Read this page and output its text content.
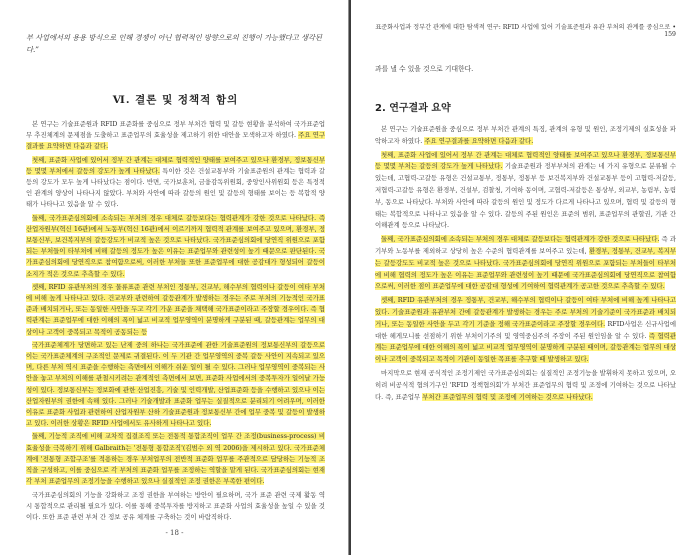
부 사업에서의 용용 방식으로 인해 경쟁이 아닌 협력적인 방향으로의 진행이 가능했다고 생각된다.”

Ⅵ. 결론 및 정책적 함의

본 연구는 기술표준원과 RFID 표준화를 중심으로 정부 부처간 협력 및 갈등 현황을 분석하여 국가표준업무 추진체계의 문제점을 도출하고 표준업무의 효율성을 제고하기 위한 대안을 모색하고자 하였다. 주요 연구결과를 요약하면 다음과 같다.

첫째, 표준화 사업에 있어서 정부 간 관계는 대체로 협력적인 양태를 보여주고 있으나 환경부, 정보통신부 등 몇몇 부처에서 갈등의 강도가 높게 나타났다. 특이한 것은 건설교통부와 기술표준원의 관계는 협력과 갈등의 강도가 모두 높게 나타났다는 점이다. 반면, 국가보훈처, 금융감독위원회, 중앙인사위원회 등은 특정적인 관계의 양상이 나타나지 않았다. 부처와 사안에 따라 갈등의 원인 및 갈등의 형태를 보이는 등 복합적 양태가 나타나고 있음을 알 수 있다.

둘째, 국가표준심의회에 소속되는 부처의 경우 대체로 갈등보다는 협력관계가 강한 것으로 나타났다. 즉 산업자원부(혁신 16관)에서 노동부(혁신 16관)에서 이르기까지 협력적 관계를 보여주고 있으며, 환경부, 정보통신부, 보건복지부의 갈등강도가 비교적 높은 것으로 나타났다. 국가표준심의회에 당연직 위원으로 포함되는 부처들이 타부처에 비해 갈등의 정도가 높은 이유는 표준업무와 관련성이 높기 때문으로 판단된다. 국가표준심의회에 당연직으로 참여함으로써, 이러한 부처들 또한 표준업무에 대한 공감대가 형성되어 갈등이 소지가 적은 것으로 추측할 수 있다.

셋째, RFID 유관부처의 경우 물류표준 관련 부처인 정통부, 건교부, 해수부의 협력이나 갈등이 여타 부처에 비해 높게 나타나고 있다. 건교부와 관련하여 갈등관계가 발생하는 경우는 주로 부처의 기능적인 국가표준과 배치되거나, 또는 동일한 사안을 두고 각기 가운 표준을 채택해 국가표준이라고 주장할 경우이다. 즉 협력관계는 표준업무에 대한 이해의 폭이 넓고 비교적 업무영역이 분명하게 구분된 때, 갈등관계는 업무의 대상이나 고객이 중복되고 목적이 공동되는 등

국가표준체계가 당면하고 있는 난제 중의 하나는 국가표준에 관한 기술표준원의 정보통신부의 갈등으로 이는 국가표준체계의 구조적인 문제로 귀결된다. 이 두 기관 간 업무영역의 중복 갈등 사안이 지속되고 있으며, 다른 부처 역시 표준을 수행하는 측면에서 이해가 쉬운 일이 될 수 있다. 그러나 업무영역이 중복되는 사안을 놓고 부처의 이해를 관철시키려는 관계적인 측면에서 보면, 표준화 사업에서의 중복투자가 일어날 가능성이 있다. 정보통신부는 정보화에 관한 산업진흥, 기술 및 인력개발, 산업표준화 등을 수행하고 있으나 이는 산업자원부의 권한에 속해 있다. 그러나 기술개발과 표준화 업무는 실질적으로 분리되기 어려우며, 이러한 이유로 표준화 사업과 관련하여 산업자원부 산하 기술표준원과 정보통신부 간에 업무 중복 및 갈등이 발생하고 있다. 이러한 상황은 RFID 사업에서도 유사하게 나타나고 있다.

둘째, 기능적 조직에 비해 교차적 집결조직 또는 전통적 통합조직이 업무 간 조정(business-process) 비효율성을 극복하기 위해 Galbraith는 '전통형 통합조직'(김범수 외 역 2006)을 제시하고 있다. 국가표준체계에 '전통형 조합구조'를 적용하는 경우 부처업무의 전반적 표준화 업무를 주관적으로 담당하는 기능적 조직을 구성하고, 이를 중심으로 각 부처의 표준화 업무를 조정하는 역할을 맡게 된다. 국가표준심의회는 현재 각 부처 표준업무의 조정기능을 수행하고 있으나 실질적인 조정 권한은 부족한 편이다.

국가표준심의회의 기능을 강화하고 조정 권한을 부여하는 방안이 필요하며, 국가 표준 관련 국제 활동 역시 통합적으로 관리될 필요가 있다. 이를 통해 중복투자를 방지하고 표준화 사업의 효율성을 높일 수 있을 것이다. 또한 표준 관련 부처 간 정보 공유 체계를 구축하는 것이 바람직하다.

- 18 -
표준화사업과 정부간 관계에 대한 탐색적 연구: RFID 사업에 있어 기술표준원과 유관 부처의 관계를 중심으로 • 159

과를 낼 수 있을 것으로 기대한다.

2. 연구결과 요약

본 연구는 기술표준원을 중심으로 정부 부처간 관계의 특징, 관계의 유형 및 원인, 조정기제의 실효성을 파악하고자 하였다. 주요 연구결과를 요약하면 다음과 같다.

첫째, 표준화 사업에 있어서 정부 간 관계는 대체로 협력적인 양태를 보여주고 있으나 환경부, 정보통신부 등 몇몇 부처는 갈등의 강도가 높게 나타났다. 기술표준원과 정부부처의 관계는 네 가지 유형으로 분류될 수 있는데, 고협력-고갈등 유형은 건설교통부, 정통부, 정통부 등 보건복지부와 건설교통부 등이 고협력-저갈등, 저협력-고갈등 유형은 환경부, 건설부, 검찰청, 기여하 동이며, 고협력-저갈등은 통상부, 외교부, 농림부, 농림부, 동으로 나타났다. 부처와 사안에 따라 갈등의 원인 및 정도가 다르게 나타나고 있으며, 협력 및 갈등의 형태는 복합적으로 나타나고 있음을 알 수 있다. 갈등의 주된 원인은 표준의 범위, 표준업무의 관할권, 기관 간 이해관계 등으로 나타났다.

둘째, 국가표준심의회에 소속되는 부처의 경우 대체로 갈등보다는 협력관계가 강한 것으로 나타났다. 즉 과기부와 노동부를 제외하고 상당히 높은 수준의 협력관계를 보여주고 있는데, 환경부, 정통부, 건교부, 복지부는 갈등강도도 비교적 높은 것으로 나타났다. 국가표준심의회에 당연직 위원으로 포함되는 부처들이 타부처에 비해 협력의 정도가 높은 이유는 표준업무와 관련성이 높기 때문에 국가표준심의회에 당연직으로 참여함으로써, 이러한 점이 표준업무에 대한 공감대 형성에 기여하여 협력관계가 공고한 것으로 추측할 수 있다.

셋째, RFID 유관부처의 경우 정통부, 건교부, 해수부의 협력이나 갈등이 여타 부처에 비해 높게 나타나고 있다. 기술표준원과 유관부처 간에 갈등관계가 발생하는 경우는 주로 부처의 기술기준이 국가표준과 배치되거나, 또는 동일한 사안을 두고 각기 기준을 정해 국가표준이라고 주장할 경우이다. RFID사업은 신규사업에 대한 헤게모니를 선점하기 위한 부처이기주의 및 영역중심주의 주장이 주된 원인임을 알 수 있다. 즉 협력관계는 표준업무에 대한 이해의 폭이 넓고 비교적 업무영역이 분명하게 구분된 때이며, 갈등관계는 업무의 대상이나 고객이 중복되고 목적이 기관이 동일한 목표를 추구할 때 발생하고 있다.

마지막으로 현재 공식적인 조정기제인 국가표준심의회는 실질적인 조정기능을 발휘하지 못하고 있으며, 오히려 비공식적 협의기구인 'RFID 정책협의회'가 부처간 표준업무의 협력 및 조정에 기여하는 것으로 나타났다. 즉, 표준업무 부처간 표준업무의 협력 및 조정에 기여하는 것으로 나타났다.
